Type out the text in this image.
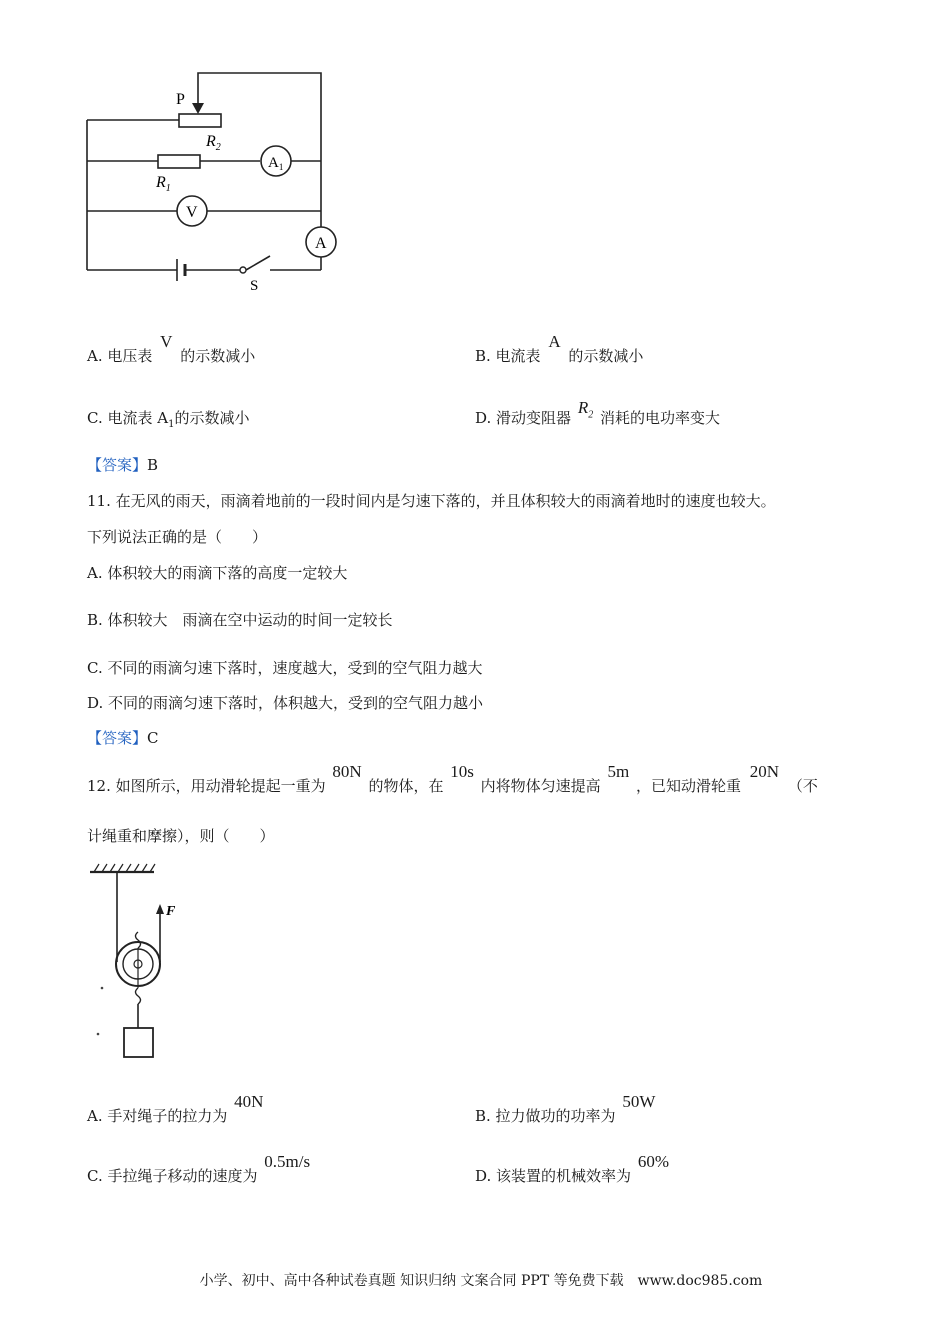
P
$R_2$
$R_1$
$A_1$
V
A
S
A. 电压表 V 的示数减小	B. 电流表 A 的示数减小
C. 电流表 $A_1$的示数减小	D. 滑动变阻器 $R_2$ 消耗的电功率变大
【答案】B
11. 在无风的雨天，雨滴着地前的一段时间内是匀速下落的，并且体积较大的雨滴着地时的速度也较大。
下列说法正确的是（　　）
A. 体积较大的雨滴下落的高度一定较大
B. 体积较大　雨滴在空中运动的时间一定较长
C. 不同的雨滴匀速下落时，速度越大，受到的空气阻力越大
D. 不同的雨滴匀速下落时，体积越大，受到的空气阻力越小
【答案】C
12. 如图所示，用动滑轮提起一重为 80N 的物体，在 10s 内将物体匀速提高 5m ，已知动滑轮重 20N （不
计绳重和摩擦），则（　　）
F
A. 手对绳子的拉力为 40N
B. 拉力做功的功率为 50W
C. 手拉绳子移动的速度为 0.5m/s
D. 该装置的机械效率为 60%
小学、初中、高中各种试卷真题 知识归纳 文案合同 PPT 等免费下载　www.doc985.com
